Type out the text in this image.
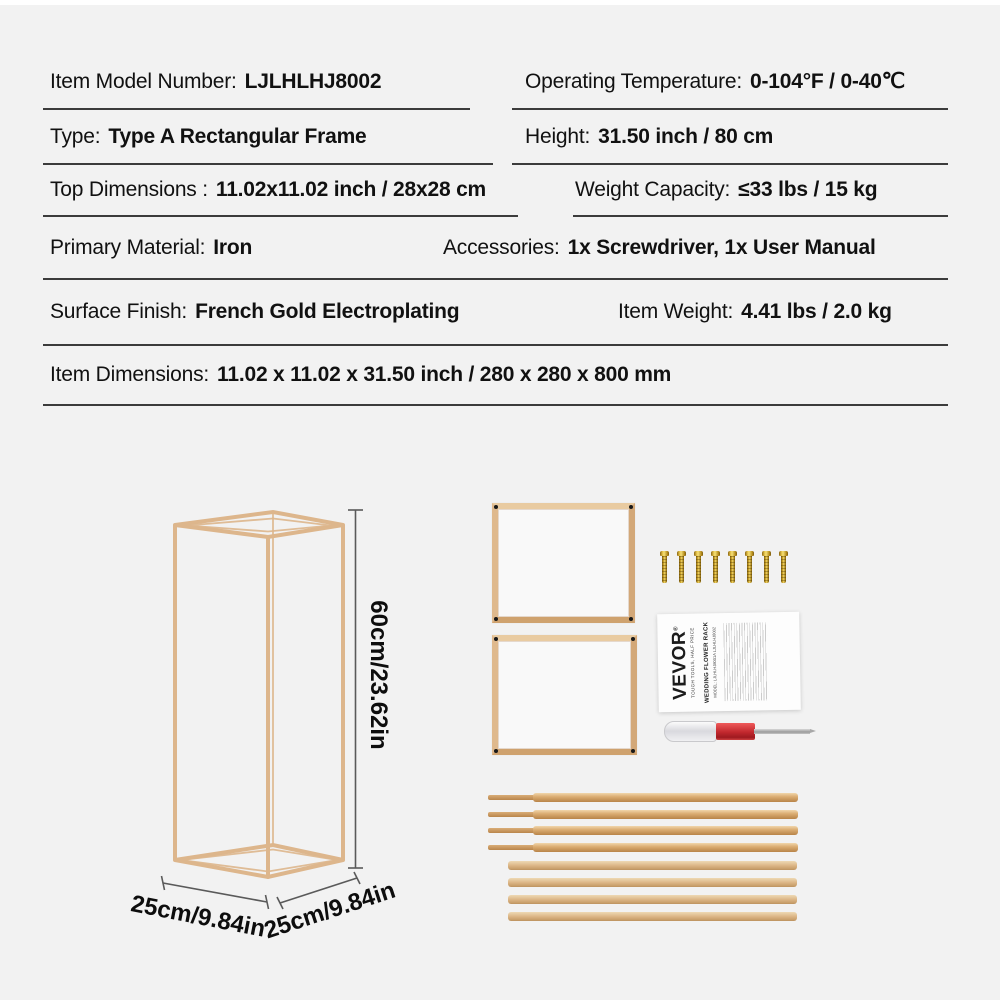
Item Model Number: LJLHLHJ8002	Operating Temperature: 0-104°F / 0-40℃
Type: Type A Rectangular Frame	Height: 31.50 inch / 80 cm
Top Dimensions : 11.02x11.02 inch / 28x28 cm	Weight Capacity: ≤33 lbs / 15 kg
Primary Material: Iron	Accessories: 1x Screwdriver, 1x User Manual
Surface Finish: French Gold Electroplating	Item Weight: 4.41 lbs / 2.0 kg
Item Dimensions: 11.02 x 11.02 x 31.50 inch / 280 x 280 x 800 mm
60cm/23.62in
25cm/9.84in
25cm/9.84in
VEVOR®	TOUGH TOOLS, HALF PRICE WEDDING FLOWER RACK MODEL: LJLHLHJ8001A LJLHLHJ8002
